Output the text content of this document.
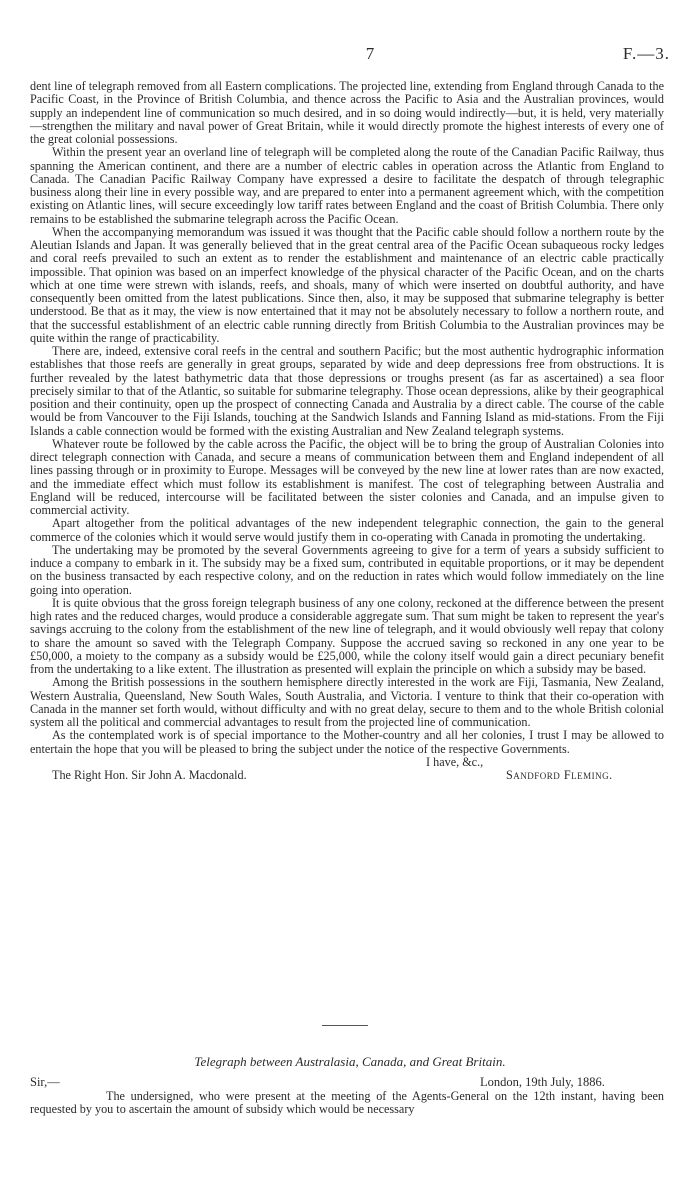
7	F.—3.

dent line of telegraph removed from all Eastern complications. The projected line, extending from England through Canada to the Pacific Coast, in the Province of British Columbia, and thence across the Pacific to Asia and the Australian provinces, would supply an independent line of communication so much desired, and in so doing would indirectly—but, it is held, very materially—strengthen the military and naval power of Great Britain, while it would directly promote the highest interests of every one of the great colonial possessions.

Within the present year an overland line of telegraph will be completed along the route of the Canadian Pacific Railway, thus spanning the American continent, and there are a number of electric cables in operation across the Atlantic from England to Canada. The Canadian Pacific Railway Company have expressed a desire to facilitate the despatch of through telegraphic business along their line in every possible way, and are prepared to enter into a permanent agreement which, with the competition existing on Atlantic lines, will secure exceedingly low tariff rates between England and the coast of British Columbia. There only remains to be established the submarine telegraph across the Pacific Ocean.

When the accompanying memorandum was issued it was thought that the Pacific cable should follow a northern route by the Aleutian Islands and Japan. It was generally believed that in the great central area of the Pacific Ocean subaqueous rocky ledges and coral reefs prevailed to such an extent as to render the establishment and maintenance of an electric cable practically impossible. That opinion was based on an imperfect knowledge of the physical character of the Pacific Ocean, and on the charts which at one time were strewn with islands, reefs, and shoals, many of which were inserted on doubtful authority, and have consequently been omitted from the latest publications. Since then, also, it may be supposed that submarine telegraphy is better understood. Be that as it may, the view is now entertained that it may not be absolutely necessary to follow a northern route, and that the successful establishment of an electric cable running directly from British Columbia to the Australian provinces may be quite within the range of practicability.

There are, indeed, extensive coral reefs in the central and southern Pacific; but the most authentic hydrographic information establishes that those reefs are generally in great groups, separated by wide and deep depressions free from obstructions. It is further revealed by the latest bathymetric data that those depressions or troughs present (as far as ascertained) a sea floor precisely similar to that of the Atlantic, so suitable for submarine telegraphy. Those ocean depressions, alike by their geographical position and their continuity, open up the prospect of connecting Canada and Australia by a direct cable. The course of the cable would be from Vancouver to the Fiji Islands, touching at the Sandwich Islands and Fanning Island as mid-stations. From the Fiji Islands a cable connection would be formed with the existing Australian and New Zealand telegraph systems.

Whatever route be followed by the cable across the Pacific, the object will be to bring the group of Australian Colonies into direct telegraph connection with Canada, and secure a means of communication between them and England independent of all lines passing through or in proximity to Europe. Messages will be conveyed by the new line at lower rates than are now exacted, and the immediate effect which must follow its establishment is manifest. The cost of telegraphing between Australia and England will be reduced, intercourse will be facilitated between the sister colonies and Canada, and an impulse given to commercial activity.

Apart altogether from the political advantages of the new independent telegraphic connection, the gain to the general commerce of the colonies which it would serve would justify them in co-operating with Canada in promoting the undertaking.

The undertaking may be promoted by the several Governments agreeing to give for a term of years a subsidy sufficient to induce a company to embark in it. The subsidy may be a fixed sum, contributed in equitable proportions, or it may be dependent on the business transacted by each respective colony, and on the reduction in rates which would follow immediately on the line going into operation.

It is quite obvious that the gross foreign telegraph business of any one colony, reckoned at the difference between the present high rates and the reduced charges, would produce a considerable aggregate sum. That sum might be taken to represent the year's savings accruing to the colony from the establishment of the new line of telegraph, and it would obviously well repay that colony to share the amount so saved with the Telegraph Company. Suppose the accrued saving so reckoned in any one year to be £50,000, a moiety to the company as a subsidy would be £25,000, while the colony itself would gain a direct pecuniary benefit from the undertaking to a like extent. The illustration as presented will explain the principle on which a subsidy may be based.

Among the British possessions in the southern hemisphere directly interested in the work are Fiji, Tasmania, New Zealand, Western Australia, Queensland, New South Wales, South Australia, and Victoria. I venture to think that their co-operation with Canada in the manner set forth would, without difficulty and with no great delay, secure to them and to the whole British colonial system all the political and commercial advantages to result from the projected line of communication.

As the contemplated work is of special importance to the Mother-country and all her colonies, I trust I may be allowed to entertain the hope that you will be pleased to bring the subject under the notice of the respective Governments.

I have, &c.,
The Right Hon. Sir John A. Macdonald.	Sandford Fleming.
Telegraph between Australasia, Canada, and Great Britain.
Sir,—	London, 19th July, 1886.

The undersigned, who were present at the meeting of the Agents-General on the 12th instant, having been requested by you to ascertain the amount of subsidy which would be necessary
